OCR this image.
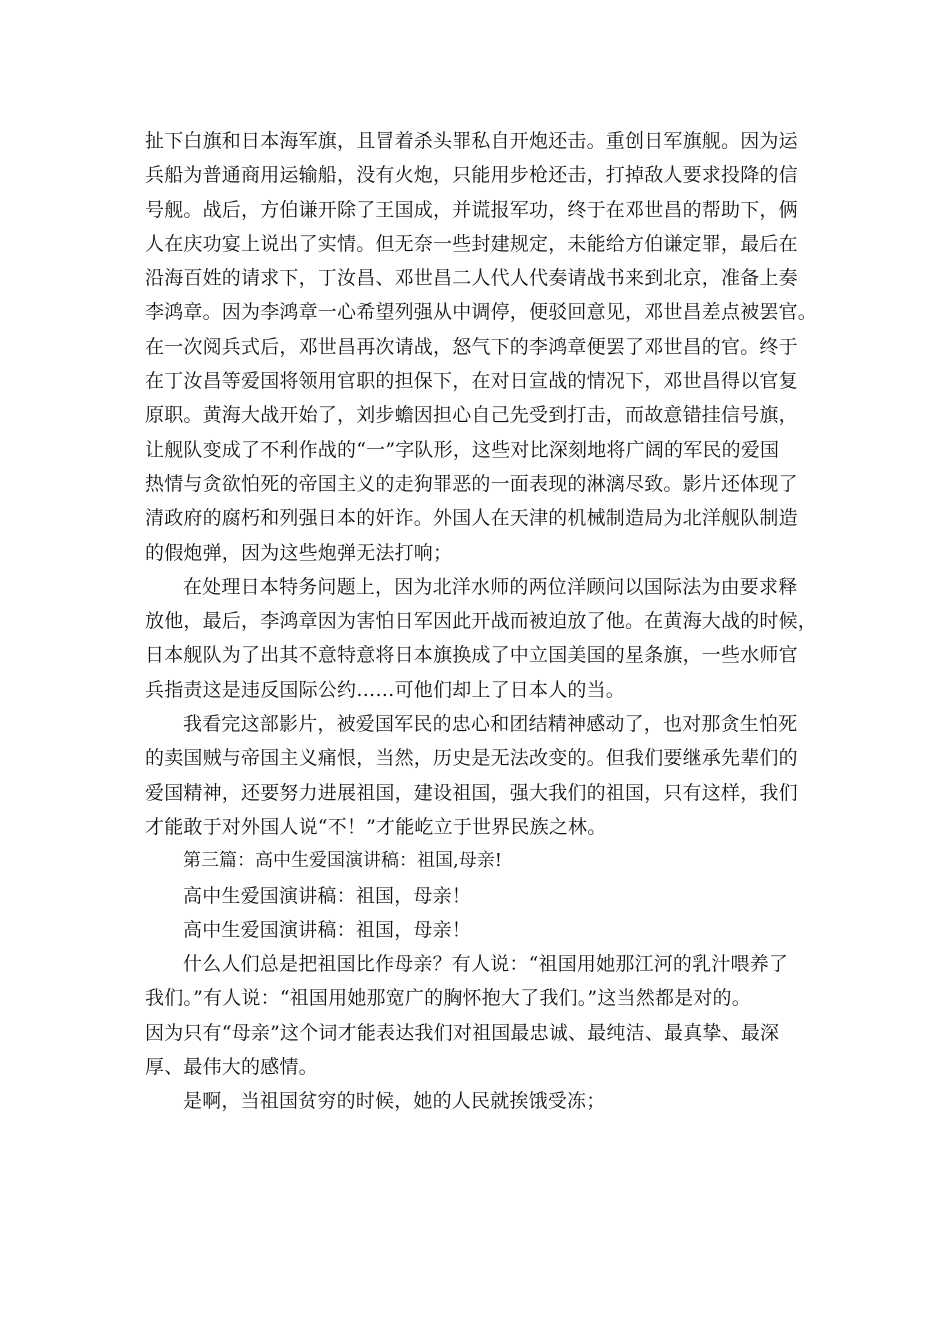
扯下白旗和日本海军旗，且冒着杀头罪私自开炮还击。重创日军旗舰。因为运
兵船为普通商用运输船，没有火炮，只能用步枪还击，打掉敌人要求投降的信
号舰。战后，方伯谦开除了王国成，并谎报军功，终于在邓世昌的帮助下，俩
人在庆功宴上说出了实情。但无奈一些封建规定，未能给方伯谦定罪，最后在
沿海百姓的请求下，丁汝昌、邓世昌二人代人代奏请战书来到北京，准备上奏
李鸿章。因为李鸿章一心希望列强从中调停，便驳回意见，邓世昌差点被罢官。
在一次阅兵式后，邓世昌再次请战，怒气下的李鸿章便罢了邓世昌的官。终于
在丁汝昌等爱国将领用官职的担保下，在对日宣战的情况下，邓世昌得以官复
原职。黄海大战开始了，刘步蟾因担心自己先受到打击，而故意错挂信号旗，
让舰队变成了不利作战的“一”字队形，这些对比深刻地将广阔的军民的爱国
热情与贪欲怕死的帝国主义的走狗罪恶的一面表现的淋漓尽致。影片还体现了
清政府的腐朽和列强日本的奸诈。外国人在天津的机械制造局为北洋舰队制造
的假炮弹，因为这些炮弹无法打响；
在处理日本特务问题上，因为北洋水师的两位洋顾问以国际法为由要求释
放他，最后，李鸿章因为害怕日军因此开战而被迫放了他。在黄海大战的时候，
日本舰队为了出其不意特意将日本旗换成了中立国美国的星条旗，一些水师官
兵指责这是违反国际公约……可他们却上了日本人的当。
我看完这部影片，被爱国军民的忠心和团结精神感动了，也对那贪生怕死
的卖国贼与帝国主义痛恨，当然，历史是无法改变的。但我们要继承先辈们的
爱国精神，还要努力进展祖国，建设祖国，强大我们的祖国，只有这样，我们
才能敢于对外国人说“不！”才能屹立于世界民族之林。
第三篇：高中生爱国演讲稿：祖国,母亲!
高中生爱国演讲稿：祖国，母亲！
高中生爱国演讲稿：祖国，母亲！
什么人们总是把祖国比作母亲？有人说：“祖国用她那江河的乳汁喂养了
我们。”有人说：“祖国用她那宽广的胸怀抱大了我们。”这当然都是对的。
因为只有“母亲”这个词才能表达我们对祖国最忠诚、最纯洁、最真挚、最深
厚、最伟大的感情。
是啊，当祖国贫穷的时候，她的人民就挨饿受冻；
